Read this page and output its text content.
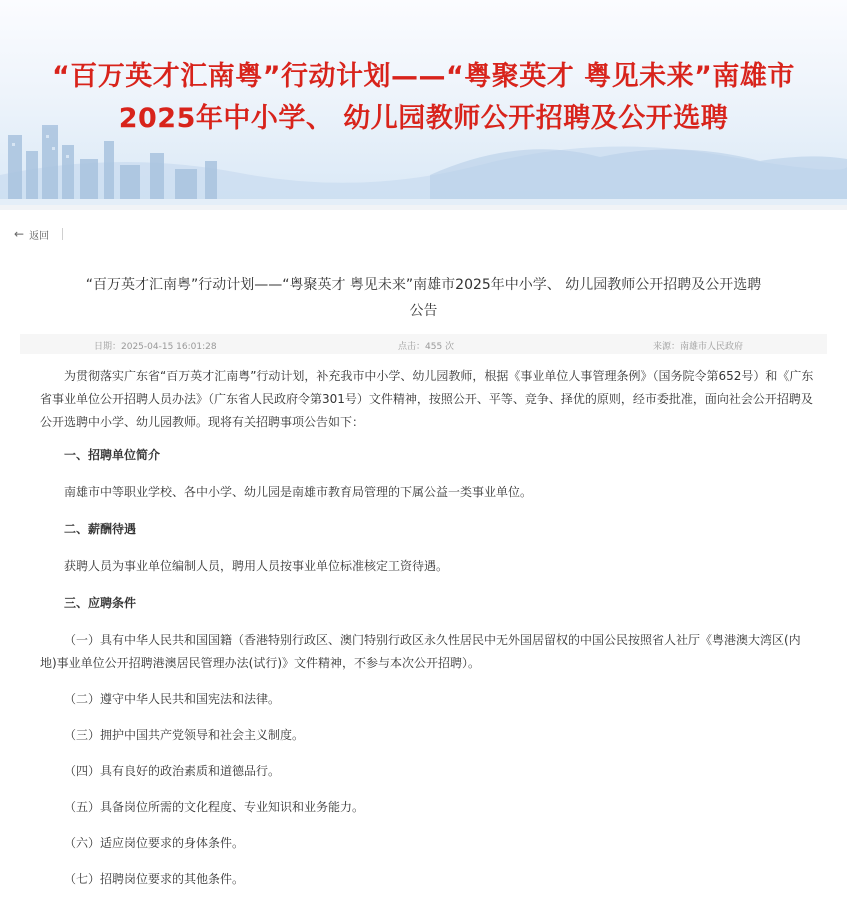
“百万英才汇南粤”行动计划——“粤聚英才 粤见未来”南雄市
2025年中小学、 幼儿园教师公开招聘及公开选聘
← 返回
“百万英才汇南粤”行动计划——“粤聚英才 粤见未来”南雄市2025年中小学、 幼儿园教师公开招聘及公开选聘
公告
日期：2025-04-15 16:01:28	点击：455 次	来源：南雄市人民政府

为贯彻落实广东省“百万英才汇南粤”行动计划，补充我市中小学、幼儿园教师，根据《事业单位人事管理条例》（国务院令第652号）和《广东省事业单位公开招聘人员办法》（广东省人民政府令第301号）文件精神，按照公开、平等、竞争、择优的原则，经市委批准，面向社会公开招聘及公开选聘中小学、幼儿园教师。现将有关招聘事项公告如下：

一、招聘单位简介

南雄市中等职业学校、各中小学、幼儿园是南雄市教育局管理的下属公益一类事业单位。

二、薪酬待遇

获聘人员为事业单位编制人员，聘用人员按事业单位标准核定工资待遇。

三、应聘条件

（一）具有中华人民共和国国籍（香港特别行政区、澳门特别行政区永久性居民中无外国居留权的中国公民按照省人社厅《粤港澳大湾区(内地)事业单位公开招聘港澳居民管理办法(试行)》文件精神，不参与本次公开招聘）。

（二）遵守中华人民共和国宪法和法律。

（三）拥护中国共产党领导和社会主义制度。

（四）具有良好的政治素质和道德品行。

（五）具备岗位所需的文化程度、专业知识和业务能力。

（六）适应岗位要求的身体条件。

（七）招聘岗位要求的其他条件。
